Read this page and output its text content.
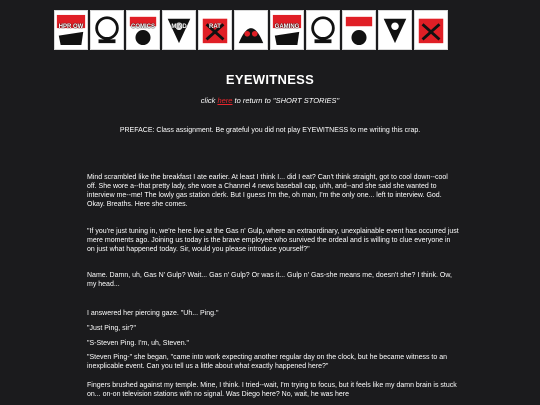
HPR OW	COMICS	MIND	RAT	GAMING
EYEWITNESS
click here to return to "SHORT STORIES"
PREFACE: Class assignment. Be grateful you did not play EYEWITNESS to me writing this crap.
Mind scrambled like the breakfast I ate earlier. At least I think I... did I eat? Can't think straight, got to cool down--cool off. She wore a--that pretty lady, she wore a Channel 4 news baseball cap, uhh, and--and she said she wanted to interview me--me! The lowly gas station clerk. But I guess I'm the, oh man, I'm the only one... left to interview. God. Okay. Breaths. Here she comes.
"If you're just tuning in, we're here live at the Gas n' Gulp, where an extraordinary, unexplainable event has occurred just mere moments ago. Joining us today is the brave employee who survived the ordeal and is willing to clue everyone in on just what happened today. Sir, would you please introduce yourself?"
Name. Damn, uh, Gas N' Gulp? Wait... Gas n' Gulp? Or was it... Gulp n' Gas-she means me, doesn't she? I think. Ow, my head...
I answered her piercing gaze. "Uh... Ping."
"Just Ping, sir?"
"S-Steven Ping. I'm, uh, Steven."
"Steven Ping-" she began, "came into work expecting another regular day on the clock, but he became witness to an inexplicable event. Can you tell us a little about what exactly happened here?"
Fingers brushed against my temple. Mine, I think. I tried--wait, I'm trying to focus, but it feels like my damn brain is stuck on... on-on television stations with no signal. Was Diego here? No, wait, he was here
